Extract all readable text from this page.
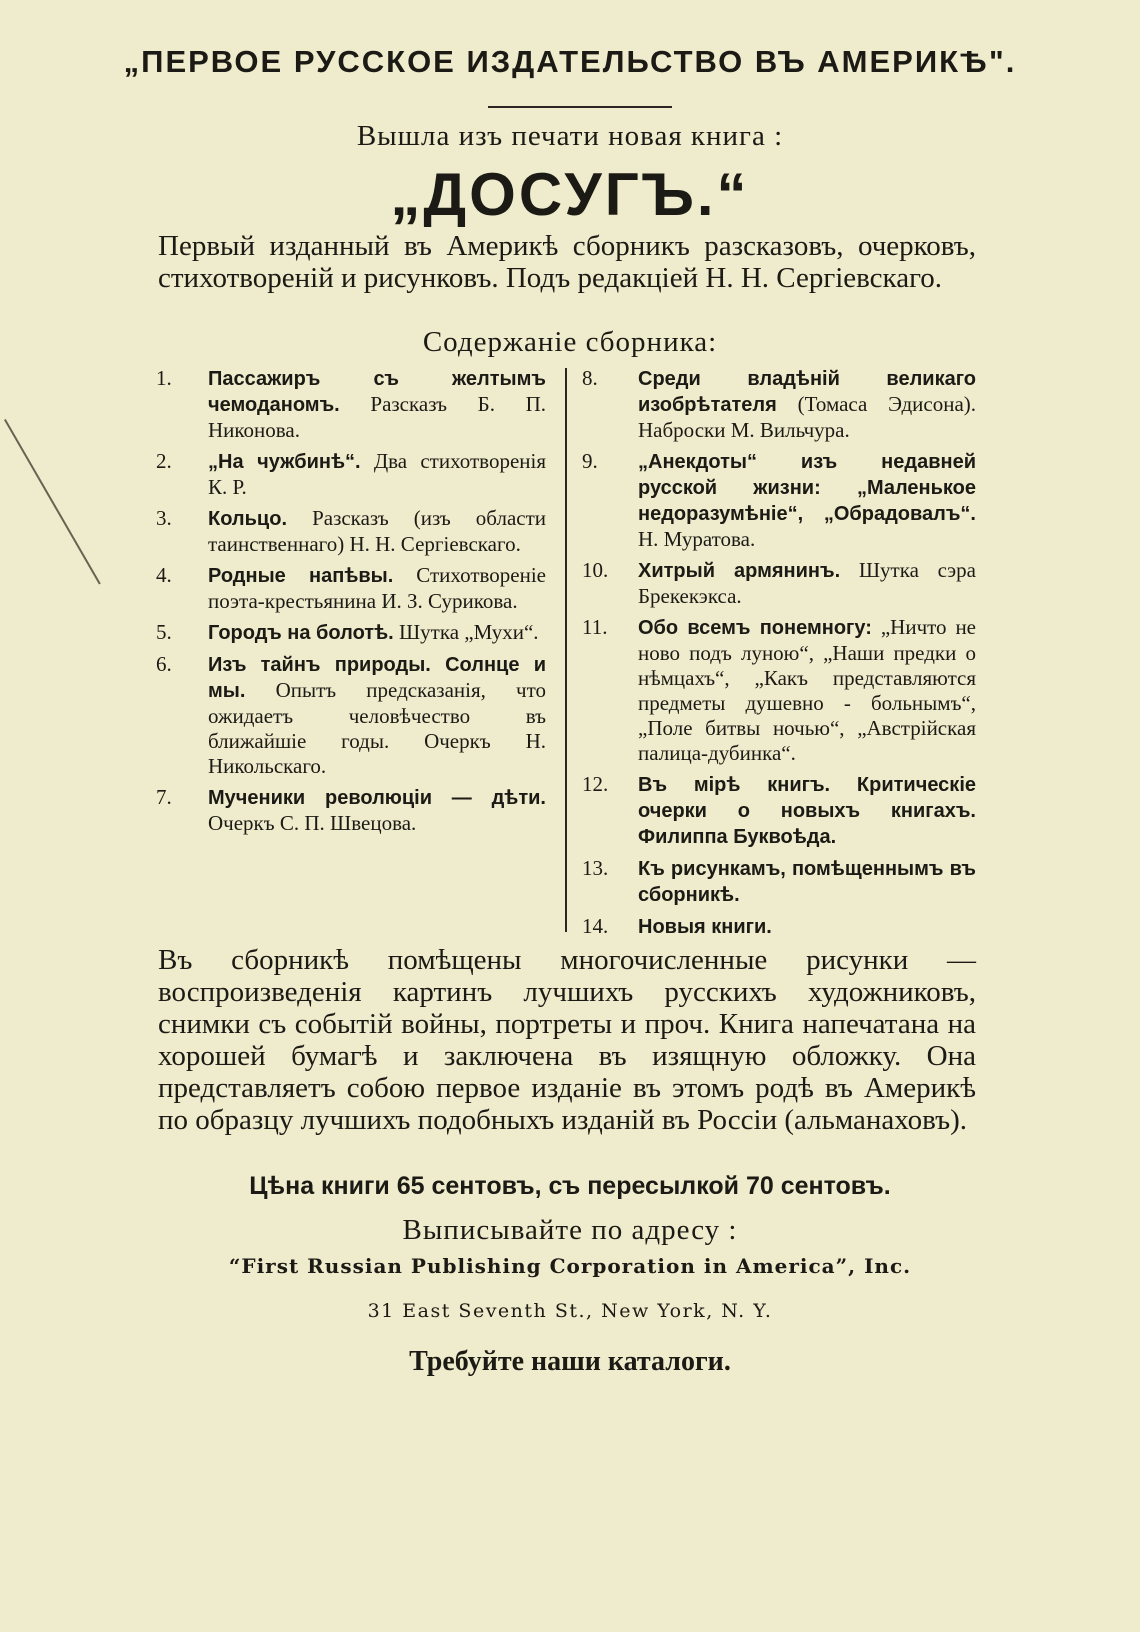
„ПЕРВОЕ РУССКОЕ ИЗДАТЕЛЬСТВО ВЪ АМЕРИКѢ".
Вышла изъ печати новая книга :
„ДОСУГЪ.“
Первый изданный въ Америкѣ сборникъ разсказовъ, очерковъ, стихотвореній и рисунковъ. Подъ редакціей Н. Н. Сергіевскаго.
Содержаніе сборника:
1.	Пассажиръ съ желтымъ чемоданомъ. Разсказъ Б. П. Никонова.
2.	„На чужбинѣ“. Два стихотворенія К. Р.
3.	Кольцо. Разсказъ (изъ области таинственнаго) Н. Н. Сергіевскаго.
4.	Родные напѣвы. Стихотвореніе поэта-крестьянина И. З. Сурикова.
5.	Городъ на болотѣ. Шутка „Мухи“.
6.	Изъ тайнъ природы. Солнце и мы. Опытъ предсказанія, что ожидаетъ человѣчество въ ближайшіе годы. Очеркъ Н. Никольскаго.
7.	Мученики революціи — дѣти. Очеркъ С. П. Швецова.
8.	Среди владѣній великаго изобрѣтателя (Томаса Эдисона). Наброски М. Вильчура.
9.	„Анекдоты“ изъ недавней русской жизни: „Маленькое недоразумѣніе“, „Обрадовалъ“. Н. Муратова.
10.	Хитрый армянинъ. Шутка сэра Брекекэкса.
11.	Обо всемъ понемногу: „Ничто не ново подъ луною“, „Наши предки о нѣмцахъ“, „Какъ представляются предметы душевно - больнымъ“, „Поле битвы ночью“, „Австрійская палица-дубинка“.
12.	Въ мірѣ книгъ. Критическіе очерки о новыхъ книгахъ. Филиппа Буквоѣда.
13.	Къ рисункамъ, помѣщеннымъ въ сборникѣ.
14.	Новыя книги.
Въ сборникѣ помѣщены многочисленные рисунки — воспроизведенія картинъ лучшихъ русскихъ художниковъ, снимки съ событій войны, портреты и проч. Книга напечатана на хорошей бумагѣ и заключена въ изящную обложку. Она представляетъ собою первое изданіе въ этомъ родѣ въ Америкѣ по образцу лучшихъ подобныхъ изданій въ Россіи (альманаховъ).
Цѣна книги 65 сентовъ, съ пересылкой 70 сентовъ.
Выписывайте по адресу :
“First Russian Publishing Corporation in America”, Inc.
31 East Seventh St., New York, N. Y.
Требуйте наши каталоги.
